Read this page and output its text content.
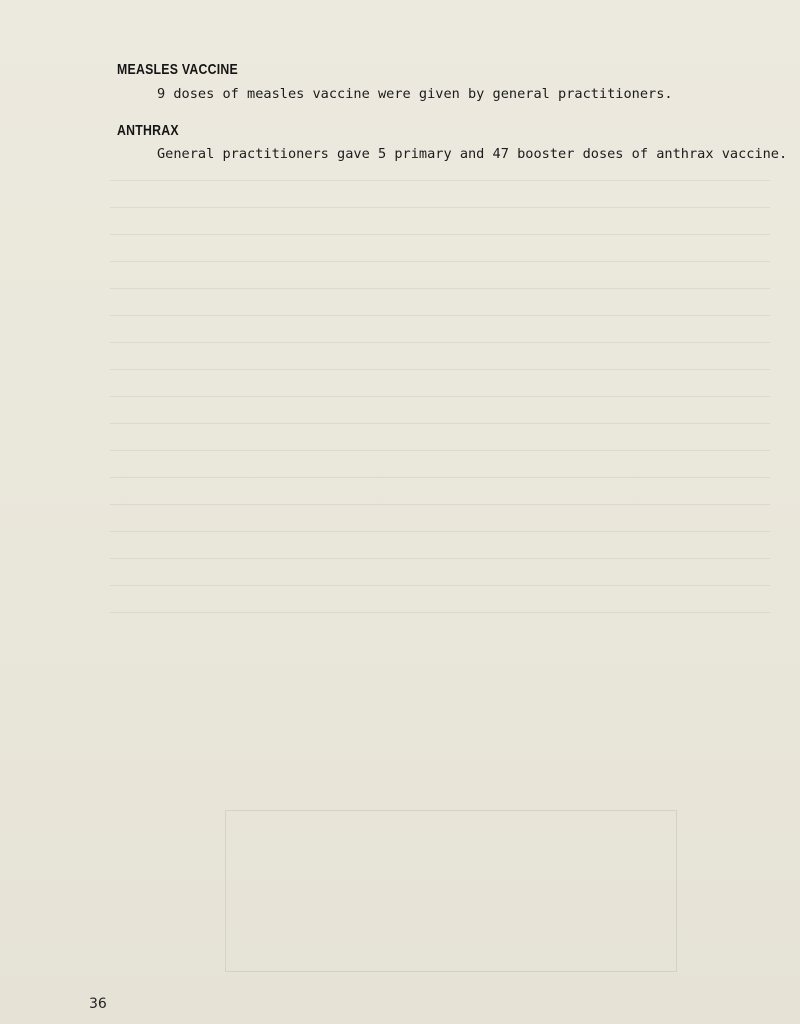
MEASLES VACCINE
9 doses of measles vaccine were given by general practitioners.
ANTHRAX
General practitioners gave 5 primary and 47 booster doses of anthrax vaccine.
36
